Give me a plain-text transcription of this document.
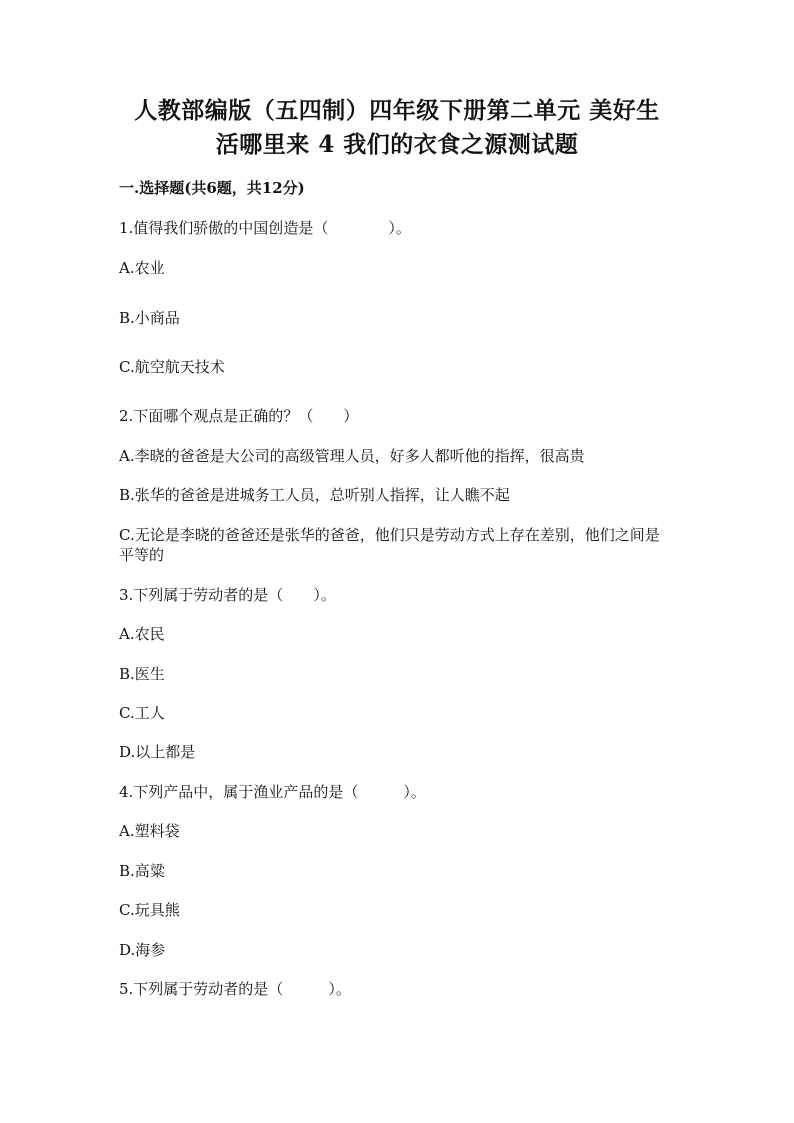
人教部编版（五四制）四年级下册第二单元 美好生
活哪里来 4 我们的衣食之源测试题

一.选择题(共6题，共12分)

1.值得我们骄傲的中国创造是（　　　　）。

A.农业

B.小商品

C.航空航天技术

2.下面哪个观点是正确的？（　　）

A.李晓的爸爸是大公司的高级管理人员，好多人都听他的指挥，很高贵

B.张华的爸爸是进城务工人员，总听别人指挥，让人瞧不起

C.无论是李晓的爸爸还是张华的爸爸，他们只是劳动方式上存在差别，他们之间是平等的

3.下列属于劳动者的是（　　）。

A.农民

B.医生

C.工人

D.以上都是

4.下列产品中，属于渔业产品的是（　　　）。

A.塑料袋

B.高粱

C.玩具熊

D.海参

5.下列属于劳动者的是（　　　）。
